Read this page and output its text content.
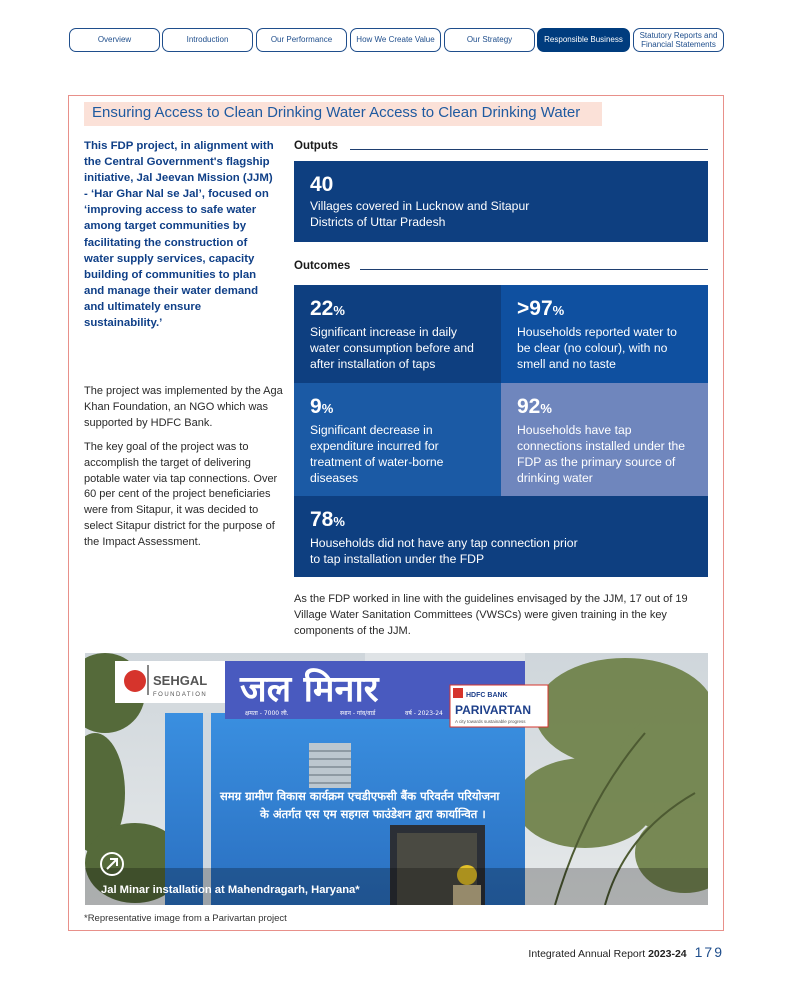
Overview	Introduction	Our Performance	How We Create Value	Our Strategy	Responsible Business
Statutory Reports and Financial Statements
Ensuring Access to Clean Drinking Water Access to Clean Drinking Water
This FDP project, in alignment with the Central Government's flagship initiative, Jal Jeevan Mission (JJM) - ‘Har Ghar Nal se Jal’, focused on ‘improving access to safe water among target communities by facilitating the construction of water supply services, capacity building of communities to plan and manage their water demand and ultimately ensure sustainability.’
The project was implemented by the Aga Khan Foundation, an NGO which was supported by HDFC Bank.
The key goal of the project was to accomplish the target of delivering potable water via tap connections. Over 60 per cent of the project beneficiaries were from Sitapur, it was decided to select Sitapur district for the purpose of the Impact Assessment.
Outputs
40
Villages covered in Lucknow and Sitapur Districts of Uttar Pradesh
Outcomes
22%
Significant increase in daily water consumption before and after installation of taps
>97%
Households reported water to be clear (no colour), with no smell and no taste
9%
Significant decrease in expenditure incurred for treatment of water-borne diseases
92%
Households have tap connections installed under the FDP as the primary source of drinking water
78%
Households did not have any tap connection prior to tap installation under the FDP
As the FDP worked in line with the guidelines envisaged by the JJM, 17 out of 19 Village Water Sanitation Committees (VWSCs) were given training in the key components of the JJM.
SEHGAL
FOUNDATION जल मिनार
क्षमता - 7000 ली.	स्थान - गांव/वार्ड	वर्ष - 2023-24
HDFC BANK
PARIVARTAN
A city towards sustainable progress
समग्र ग्रामीण विकास कार्यक्रम एचडीएफसी बैंक परिवर्तन परियोजना
के अंतर्गत एस एम सहगल फाउंडेशन द्वारा कार्यान्वित ।
Jal Minar installation at Mahendragarh, Haryana*
*Representative image from a Parivartan project
Integrated Annual Report 2023-24 179
